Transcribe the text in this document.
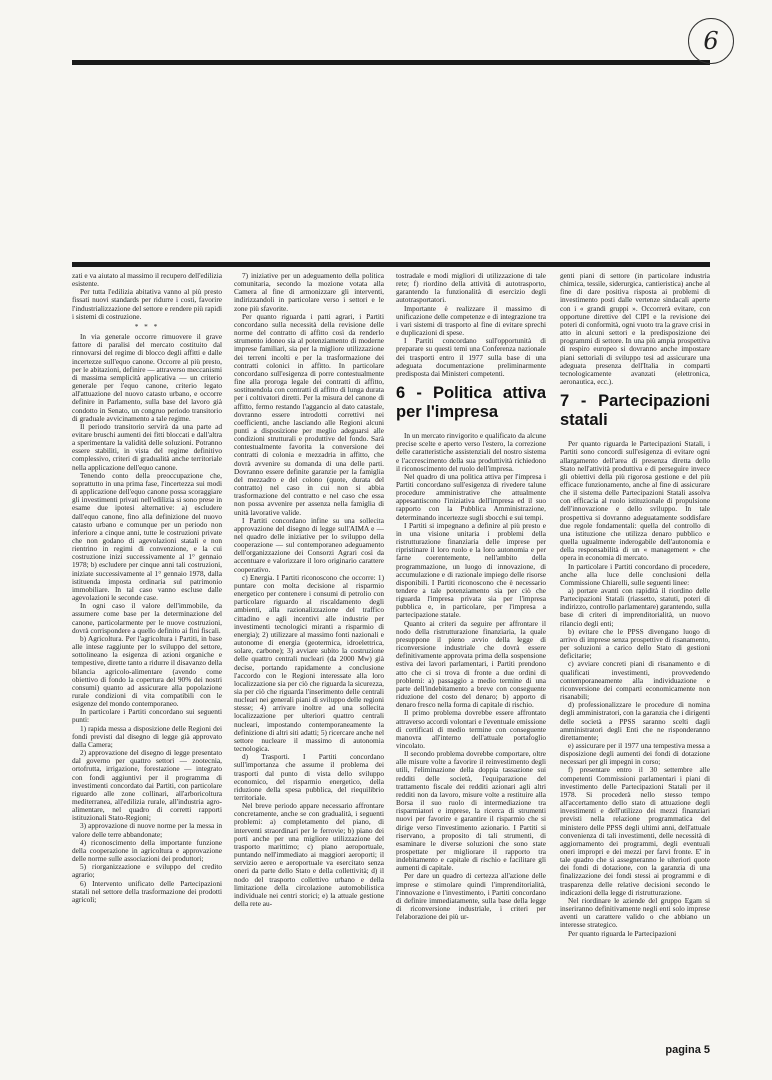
6

zati e va aiutato al massimo il recupero dell'edilizia esistente.

Per tutta l'edilizia abitativa vanno al più presto fissati nuovi standards per ridurre i costi, favorire l'industrializzazione del settore e rendere più rapidi i sistemi di costruzione.

* * *

In via generale occorre rimuovere il grave fattore di paralisi del mercato costituito dal rinnovarsi del regime di blocco degli affitti e dalle incertezze sull'equo canone. Occorre al più presto, per le abitazioni, definire — attraverso meccanismi di massima semplicità applicativa — un criterio generale per l'equo canone, criterio legato all'attuazione del nuovo catasto urbano, e occorre definire in Parlamento, sulla base del lavoro già condotto in Senato, un congruo periodo transitorio di graduale avvicinamento a tale regime.

Il periodo transitorio servirà da una parte ad evitare bruschi aumenti dei fitti bloccati e dall'altra a sperimentare la validità delle soluzioni. Potranno essere stabiliti, in vista del regime definitivo complessivo, criteri di gradualità anche territoriale nella applicazione dell'equo canone.

Tenendo conto della preoccupazione che, soprattutto in una prima fase, l'incertezza sui modi di applicazione dell'equo canone possa scoraggiare gli investimenti privati nell'edilizia si sono prese in esame due ipotesi alternative: a) escludere dall'equo canone, fino alla definizione del nuovo catasto urbano e comunque per un periodo non inferiore a cinque anni, tutte le costruzioni private che non godano di agevolazioni statali e non rientrino in regimi di convenzione, e la cui costruzione inizi successivamente al 1° gennaio 1978; b) escludere per cinque anni tali costruzioni, iniziate successivamente al 1° gennaio 1978, dalla istituenda imposta ordinaria sul patrimonio immobiliare. In tal caso vanno escluse dalle agevolazioni le seconde case.

In ogni caso il valore dell'immobile, da assumere come base per la determinazione del canone, particolarmente per le nuove costruzioni, dovrà corrispondere a quello definito ai fini fiscali.

b) Agricoltura. Per l'agricoltura i Partiti, in base alle intese raggiunte per lo sviluppo del settore, sottolineano la esigenza di azioni organiche e tempestive, dirette tanto a ridurre il disavanzo della bilancia agricolo-alimentare (avendo come obiettivo di fondo la copertura del 90% dei nostri consumi) quanto ad assicurare alla popolazione rurale condizioni di vita compatibili con le esigenze del mondo contemporaneo.

In particolare i Partiti concordano sui seguenti punti:

1) rapida messa a disposizione delle Regioni dei fondi previsti dal disegno di legge già approvato dalla Camera;

2) approvazione del disegno di legge presentato dal governo per quattro settori — zootecnia, ortofrutta, irrigazione, forestazione — integrato con fondi aggiuntivi per il programma di investimenti concordato dai Partiti, con particolare riguardo alle zone collinari, all'arboricoltura mediterranea, all'edilizia rurale, all'industria agro-alimentare, nel quadro di corretti rapporti istituzionali Stato-Regioni;

3) approvazione di nuove norme per la messa in valore delle terre abbandonate;

4) riconoscimento della importante funzione della cooperazione in agricoltura e approvazione delle norme sulle associazioni dei produttori;

5) riorganizzazione e sviluppo del credito agrario;

6) Intervento unificato delle Partecipazioni statali nel settore della trasformazione dei prodotti agricoli;

7) iniziative per un adeguamento della politica comunitaria, secondo la mozione votata alla Camera al fine di armonizzare gli interventi, indirizzandoli in particolare verso i settori e le zone più sfavorite.

Per quanto riguarda i patti agrari, i Partiti concordano sulla necessità della revisione delle norme del contratto di affitto così da renderlo strumento idoneo sia al potenziamento di moderne imprese familiari, sia per la migliore utilizzazione dei terreni incolti e per la trasformazione dei contratti colonici in affitto. In particolare concordano sull'esigenza di porre contestualmente fine alla proroga legale dei contratti di affitto, sostituendola con contratti di affitto di lunga durata per i coltivatori diretti. Per la misura del canone di affitto, fermo restando l'aggancio al dato catastale, dovranno essere introdotti correttivi nei coefficienti, anche lasciando alle Regioni alcuni punti a disposizione per meglio adeguarsi alle condizioni strutturali e produttive del fondo. Sarà contestualmente favorita la conversione dei contratti di colonia e mezzadria in affitto, che dovrà avvenire su domanda di una delle parti. Dovranno essere definite garanzie per la famiglia del mezzadro e del colono (quote, durata del contratto) nel caso in cui non si abbia trasformazione del contratto e nel caso che essa non possa avvenire per assenza nella famiglia di unità lavorative valide.

I Partiti concordano infine su una sollecita approvazione del disegno di legge sull'AIMA e — nel quadro delle iniziative per lo sviluppo della cooperazione — sul contemporaneo adeguamento dell'organizzazione dei Consorzi Agrari così da accentuare e valorizzare il loro originario carattere cooperativo.

c) Energia. I Partiti riconoscono che occorre: 1) puntare con molta decisione al risparmio energetico per contenere i consumi di petrolio con particolare riguardo al riscaldamento degli ambienti, alla razionalizzazione del traffico cittadino e agli incentivi alle industrie per investimenti tecnologici miranti a risparmio di energia); 2) utilizzare al massimo fonti nazionali e autonome di energia (geotermica, idroelettrica, solare, carbone); 3) avviare subito la costruzione delle quattro centrali nucleari (da 2000 Mw) già decise, portando rapidamente a conclusione l'accordo con le Regioni interessate alla loro localizzazione sia per ciò che riguarda la sicurezza, sia per ciò che riguarda l'inserimento delle centrali nucleari nei generali piani di sviluppo delle regioni stesse; 4) arrivare inoltre ad una sollecita localizzazione per ulteriori quattro centrali nucleari, impostando contemporaneamente la definizione di altri siti adatti; 5) ricercare anche nel settore nucleare il massimo di autonomia tecnologica.

d) Trasporti. I Partiti concordano sull'importanza che assume il problema dei trasporti dal punto di vista dello sviluppo economico, del risparmio energetico, della riduzione della spesa pubblica, del riequilibrio territoriale.

Nel breve periodo appare necessario affrontare concretamente, anche se con gradualità, i seguenti problemi: a) completamento del piano, di interventi straordinari per le ferrovie; b) piano dei porti anche per una migliore utilizzazione del trasporto marittimo; c) piano aeroportuale, puntando nell'immediato ai maggiori aeroporti; il servizio aereo e aeroportuale va esercitato senza oneri da parte dello Stato e della collettività; d) il nodo del trasporto collettivo urbano e della limitazione della circolazione automobilistica individuale nei centri storici; e) la attuale gestione della rete au-

tostradale e modi migliori di utilizzazione di tale rete; f) riordino della attività di autotrasporto, garantendo la funzionalità di esercizio degli autotrasportatori.

Importante è realizzare il massimo di unificazione delle competenze e di integrazione tra i vari sistemi di trasporto al fine di evitare sprechi e duplicazioni di spese.

I Partiti concordano sull'opportunità di preparare su questi temi una Conferenza nazionale dei trasporti entro il 1977 sulla base di una adeguata documentazione preliminarmente predisposta dai Ministeri competenti.

6 - Politica attiva per l'impresa

In un mercato rinvigorito e qualificato da alcune precise scelte e aperto verso l'estero, la correzione delle caratteristiche assistenziali del nostro sistema e l'accrescimento della sua produttività richiedono il riconoscimento del ruolo dell'impresa.

Nel quadro di una politica attiva per l'impresa i Partiti concordano sull'esigenza di rivedere talune procedure amministrative che attualmente appesantiscono l'iniziativa dell'impresa ed il suo rapporto con la Pubblica Amministrazione, determinando incertezze sugli sbocchi e sui tempi.

I Partiti si impegnano a definire al più presto e in una visione unitaria i problemi della ristrutturazione finanziaria delle imprese per ripristinare il loro ruolo e la loro autonomia e per farne coerentemente, nell'ambito della programmazione, un luogo di innovazione, di accumulazione e di razionale impiego delle risorse disponibili. I Partiti riconoscono che è necessario tendere a tale potenziamento sia per ciò che riguarda l'impresa privata sia per l'impresa pubblica e, in particolare, per l'impresa a partecipazione statale.

Quanto ai criteri da seguire per affrontare il nodo della ristrutturazione finanziaria, la quale presuppone il pieno avvio della legge di riconversione industriale che dovrà essere definitivamente approvata prima della sospensione estiva dei lavori parlamentari, i Partiti prendono atto che ci si trova di fronte a due ordini di problemi: a) passaggio a medio termine di una parte dell'indebitamento a breve con conseguente riduzione del costo del denaro; b) apporto di denaro fresco nella forma di capitale di rischio.

Il primo problema dovrebbe essere affrontato attraverso accordi volontari e l'eventuale emissione di certificati di medio termine con conseguente manovra all'interno dell'attuale portafoglio vincolato.

Il secondo problema dovrebbe comportare, oltre alle misure volte a favorire il reinvestimento degli utili, l'eliminazione della doppia tassazione sui redditi delle società, l'equiparazione del trattamento fiscale dei redditi azionari agli altri redditi non da lavoro, misure volte a restituire alla Borsa il suo ruolo di intermediazione tra risparmiatori e imprese, la ricerca di strumenti nuovi per favorire e garantire il risparmio che si dirige verso l'investimento azionario. I Partiti si riservano, a proposito di tali strumenti, di esaminare le diverse soluzioni che sono state prospettate per migliorare il rapporto tra indebitamento e capitale di rischio e facilitare gli aumenti di capitale.

Per dare un quadro di certezza all'azione delle imprese e stimolare quindi l'imprenditorialità, l'innovazione e l'investimento, i Partiti concordano di definire immediatamente, sulla base della legge di riconversione industriale, i criteri per l'elaborazione dei più ur-

genti piani di settore (in particolare industria chimica, tessile, siderurgica, cantieristica) anche al fine di dare positiva risposta ai problemi di investimento posti dalle vertenze sindacali aperte con i « grandi gruppi ». Occorrerà evitare, con opportune direttive del CIPI e la revisione dei poteri di conformità, ogni vuoto tra la grave crisi in atto in alcuni settori e la predisposizione dei programmi di settore. In una più ampia prospettiva di respiro europeo si dovranno anche impostare piani settoriali di sviluppo tesi ad assicurare una adeguata presenza dell'Italia in comparti tecnologicamente avanzati (elettronica, aeronautica, ecc.).

7 - Partecipazioni statali

Per quanto riguarda le Partecipazioni Statali, i Partiti sono concordi sull'esigenza di evitare ogni allargamento dell'area di presenza diretta dello Stato nell'attività produttiva e di perseguire invece gli obiettivi della più rigorosa gestione e del più efficace funzionamento, anche al fine di assicurare che il sistema delle Partecipazioni Statali assolva con efficacia al ruolo istituzionale di propulsione dell'innovazione e dello sviluppo. In tale prospettiva si dovranno adeguatamente soddisfare due regole fondamentali: quella del controllo di una istituzione che utilizza denaro pubblico e quella ugualmente inderogabile dell'autonomia e della responsabilità di un « management » che opera in economia di mercato.

In particolare i Partiti concordano di procedere, anche alla luce delle conclusioni della Commissione Chiarelli, sulle seguenti linee:

a) portare avanti con rapidità il riordino delle Partecipazioni Statali (riassetto, statuti, poteri di indirizzo, controllo parlamentare) garantendo, sulla base di criteri di imprenditorialità, un nuovo rilancio degli enti;

b) evitare che le PPSS divengano luogo di arrivo di imprese senza prospettive di risanamento, per soluzioni a carico dello Stato di gestioni deficitarie;

c) avviare concreti piani di risanamento e di qualificati investimenti, provvedendo contemporaneamente alla individuazione e riconversione dei comparti economicamente non risanabili;

d) professionalizzare le procedure di nomina degli amministratori, con la garanzia che i dirigenti delle società a PPSS saranno scelti dagli amministratori degli Enti che ne risponderanno direttamente;

e) assicurare per il 1977 una tempestiva messa a disposizione degli aumenti dei fondi di dotazione necessari per gli impegni in corso;

f) presentare entro il 30 settembre alle competenti Commissioni parlamentari i piani di investimento delle Partecipazioni Statali per il 1978. Si procederà nello stesso tempo all'accertamento dello stato di attuazione degli investimenti e dell'utilizzo dei mezzi finanziari previsti nella relazione programmatica del ministero delle PPSS degli ultimi anni, dell'attuale convenienza di tali investimenti, delle necessità di aggiornamento dei programmi, degli eventuali oneri impropri e dei mezzi per farvi fronte. E' in tale quadro che si assegneranno le ulteriori quote dei fondi di dotazione, con la garanzia di una finalizzazione dei fondi stessi ai programmi e di trasparenza delle relative decisioni secondo le indicazioni della legge di ristrutturazione.

Nel riordinare le aziende del gruppo Egam si inseriranno definitivamente negli enti solo imprese aventi un carattere valido o che abbiano un interesse strategico.

Per quanto riguarda le Partecipazioni

pagina 5
